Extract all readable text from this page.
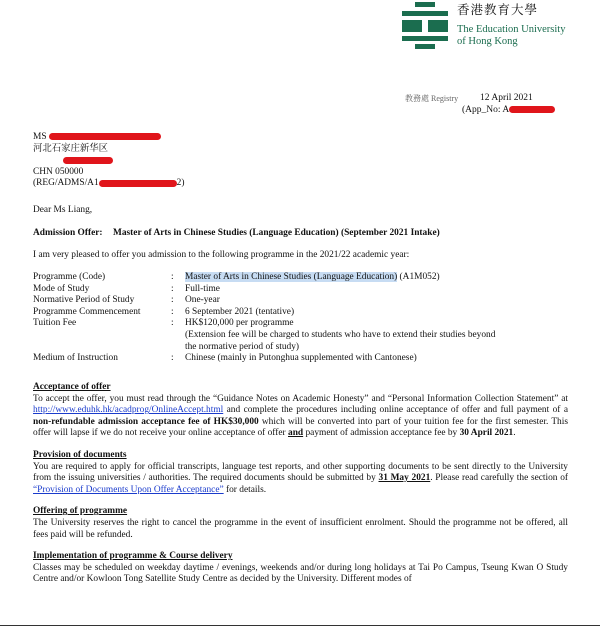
香港教育大學
The Education University
of Hong Kong
教務處 Registry 12 April 2021
(App_No: A
MS
河北石家庄新华区
CHN 050000
(REG/ADMS/A1	2)
Dear Ms Liang,
Admission Offer: Master of Arts in Chinese Studies (Language Education) (September 2021 Intake)
I am very pleased to offer you admission to the following programme in the 2021/22 academic year:
Programme (Code)	:	Master of Arts in Chinese Studies (Language Education) (A1M052)
Mode of Study	:	Full-time
Normative Period of Study	:	One-year
Programme Commencement	:	6 September 2021 (tentative)
Tuition Fee	:	HK$120,000 per programme
(Extension fee will be charged to students who have to extend their studies beyond
the normative period of study)
Medium of Instruction	:	Chinese (mainly in Putonghua supplemented with Cantonese)
Acceptance of offer

To accept the offer, you must read through the “Guidance Notes on Academic Honesty” and “Personal Information Collection Statement” at http://www.eduhk.hk/acadprog/OnlineAccept.html and complete the procedures including online acceptance of offer and full payment of a non-refundable admission acceptance fee of HK$30,000 which will be converted into part of your tuition fee for the first semester. This offer will lapse if we do not receive your online acceptance of offer and payment of admission acceptance fee by 30 April 2021.

Provision of documents

You are required to apply for official transcripts, language test reports, and other supporting documents to be sent directly to the University from the issuing universities / authorities. The required documents should be submitted by 31 May 2021. Please read carefully the section of “Provision of Documents Upon Offer Acceptance” for details.

Offering of programme

The University reserves the right to cancel the programme in the event of insufficient enrolment. Should the programme not be offered, all fees paid will be refunded.

Implementation of programme & Course delivery

Classes may be scheduled on weekday daytime / evenings, weekends and/or during long holidays at Tai Po Campus, Tseung Kwan O Study Centre and/or Kowloon Tong Satellite Study Centre as decided by the University. Different modes of
